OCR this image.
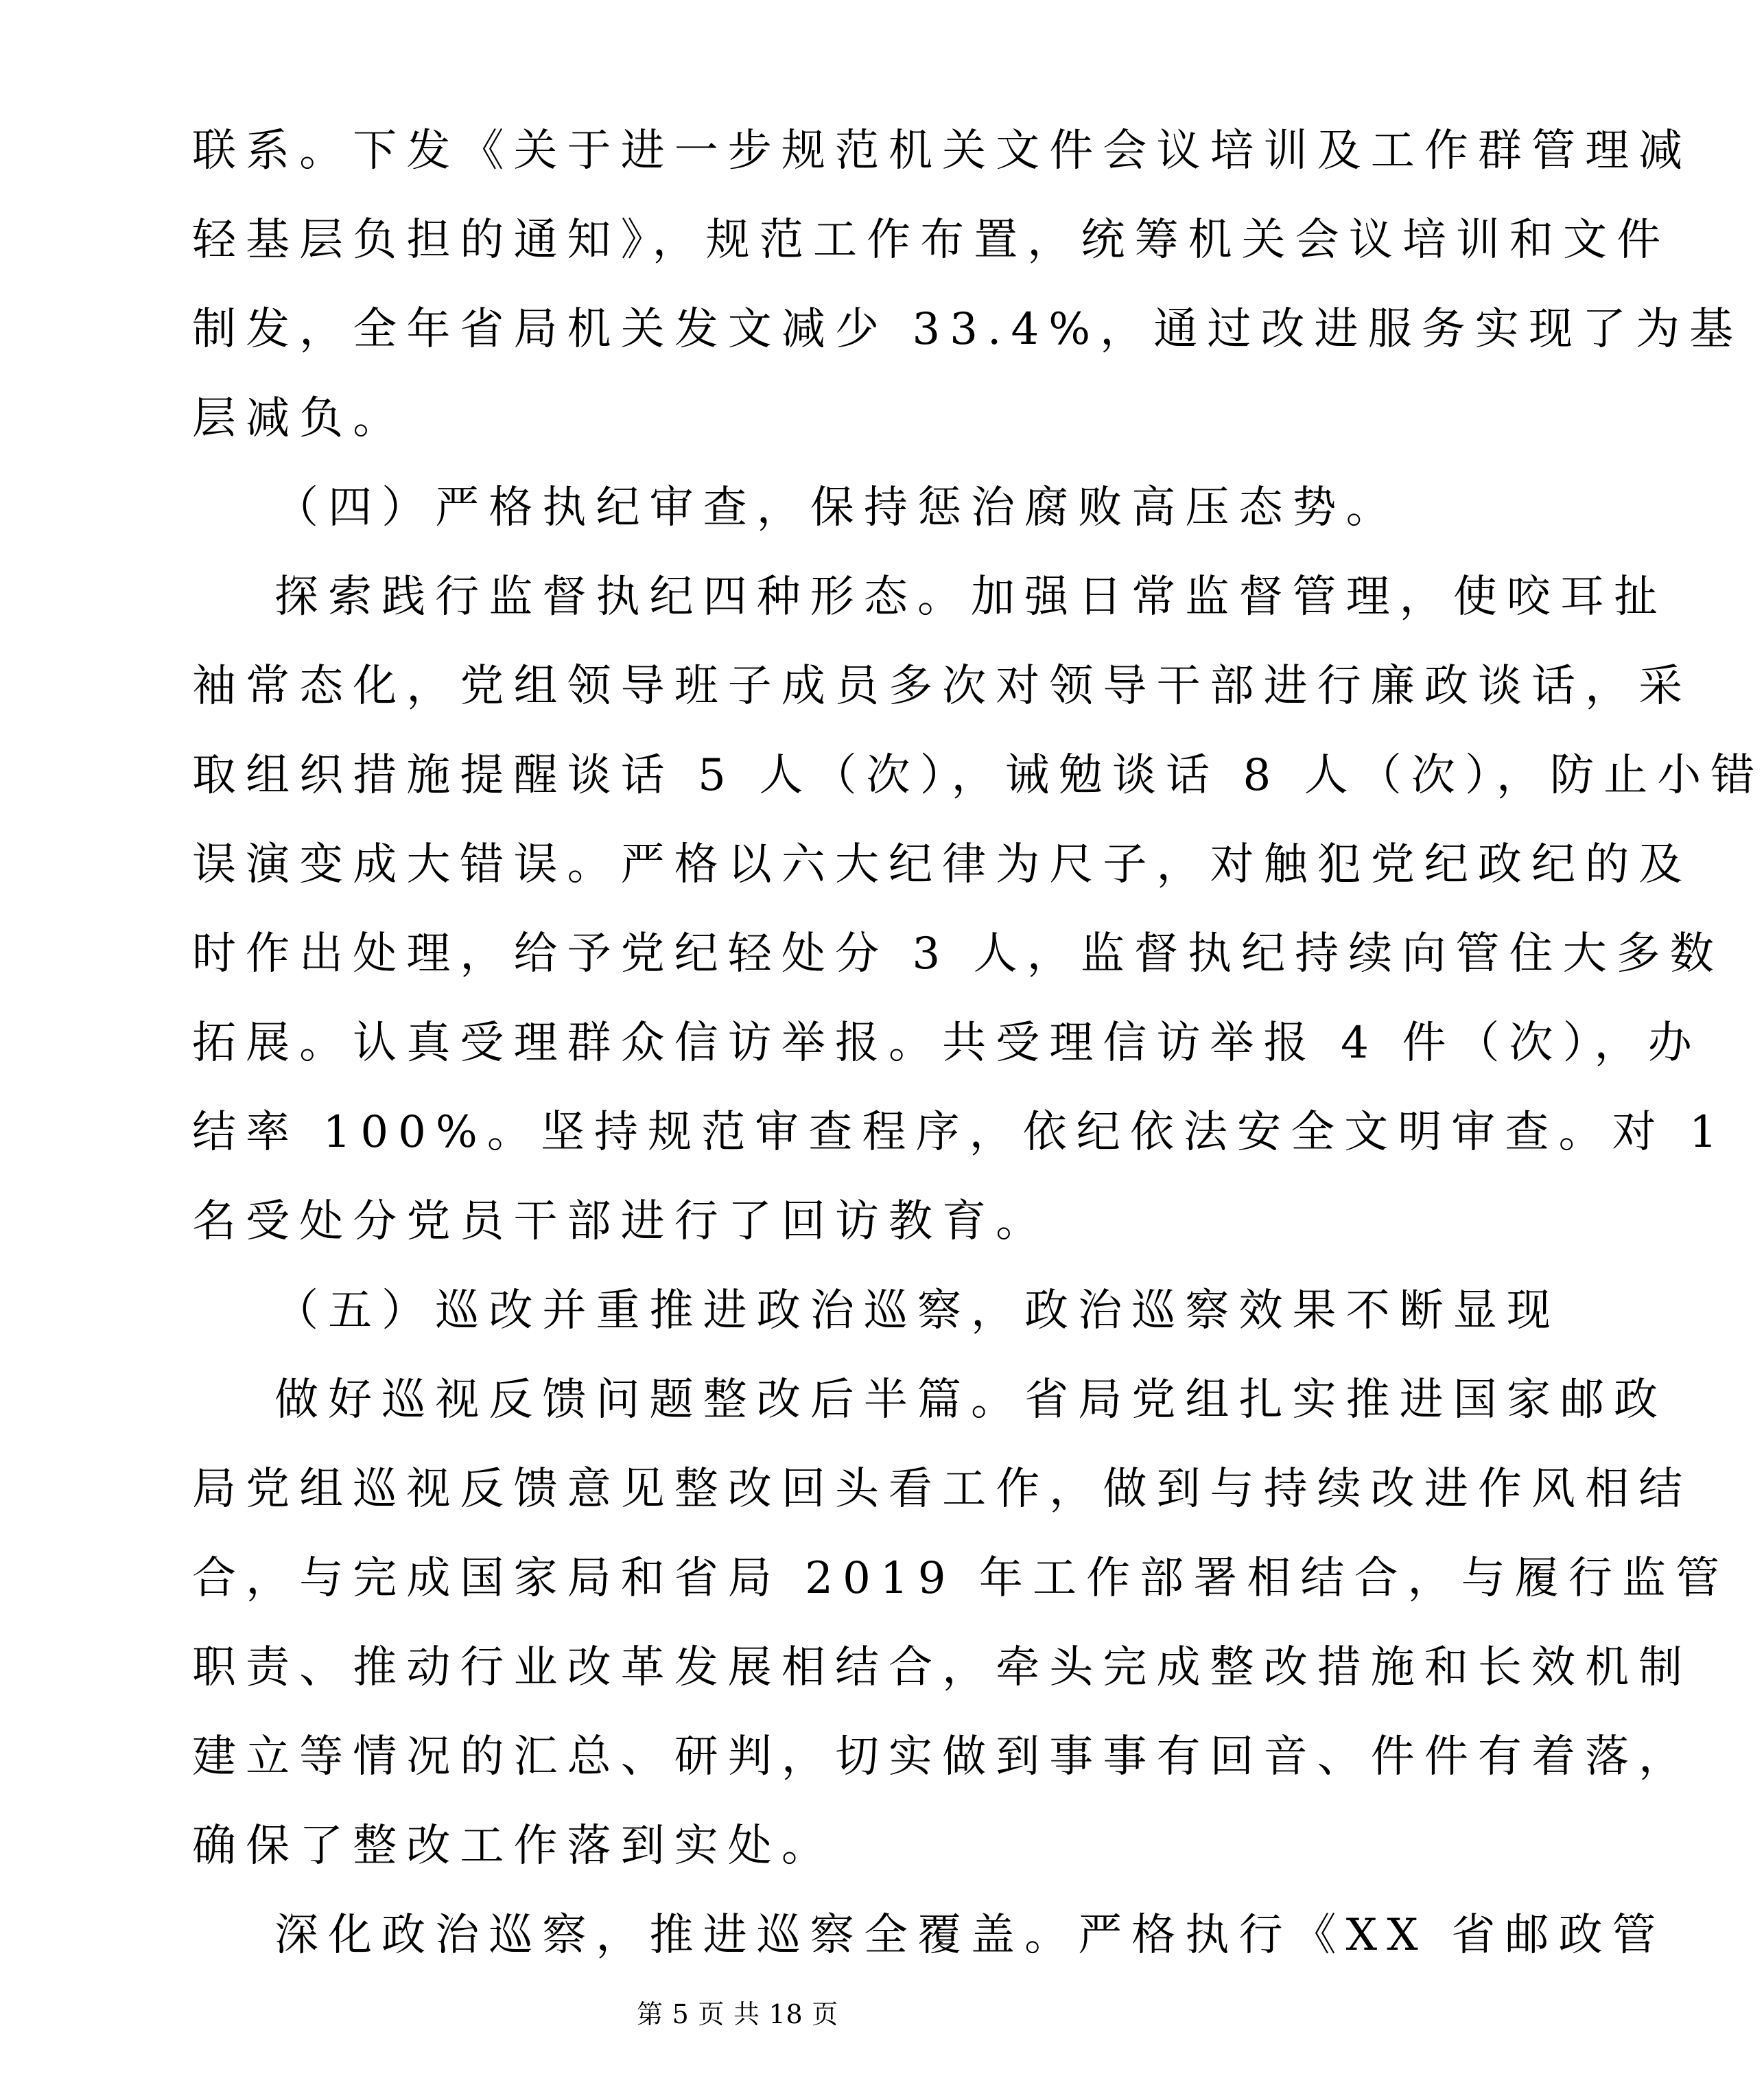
联系。下发《关于进一步规范机关文件会议培训及工作群管理减

轻基层负担的通知》，规范工作布置，统筹机关会议培训和文件

制发，全年省局机关发文减少 33.4%，通过改进服务实现了为基

层减负。

（四）严格执纪审查，保持惩治腐败高压态势。

探索践行监督执纪四种形态。加强日常监督管理，使咬耳扯

袖常态化，党组领导班子成员多次对领导干部进行廉政谈话，采

取组织措施提醒谈话 5 人（次），诫勉谈话 8 人（次），防止小错

误演变成大错误。严格以六大纪律为尺子，对触犯党纪政纪的及

时作出处理，给予党纪轻处分 3 人，监督执纪持续向管住大多数

拓展。认真受理群众信访举报。共受理信访举报 4 件（次），办

结率 100%。坚持规范审查程序，依纪依法安全文明审查。对 1

名受处分党员干部进行了回访教育。

（五）巡改并重推进政治巡察，政治巡察效果不断显现

做好巡视反馈问题整改后半篇。省局党组扎实推进国家邮政

局党组巡视反馈意见整改回头看工作，做到与持续改进作风相结

合，与完成国家局和省局 2019 年工作部署相结合，与履行监管

职责、推动行业改革发展相结合，牵头完成整改措施和长效机制

建立等情况的汇总、研判，切实做到事事有回音、件件有着落，

确保了整改工作落到实处。

深化政治巡察，推进巡察全覆盖。严格执行《XX 省邮政管

第 5 页 共 18 页
